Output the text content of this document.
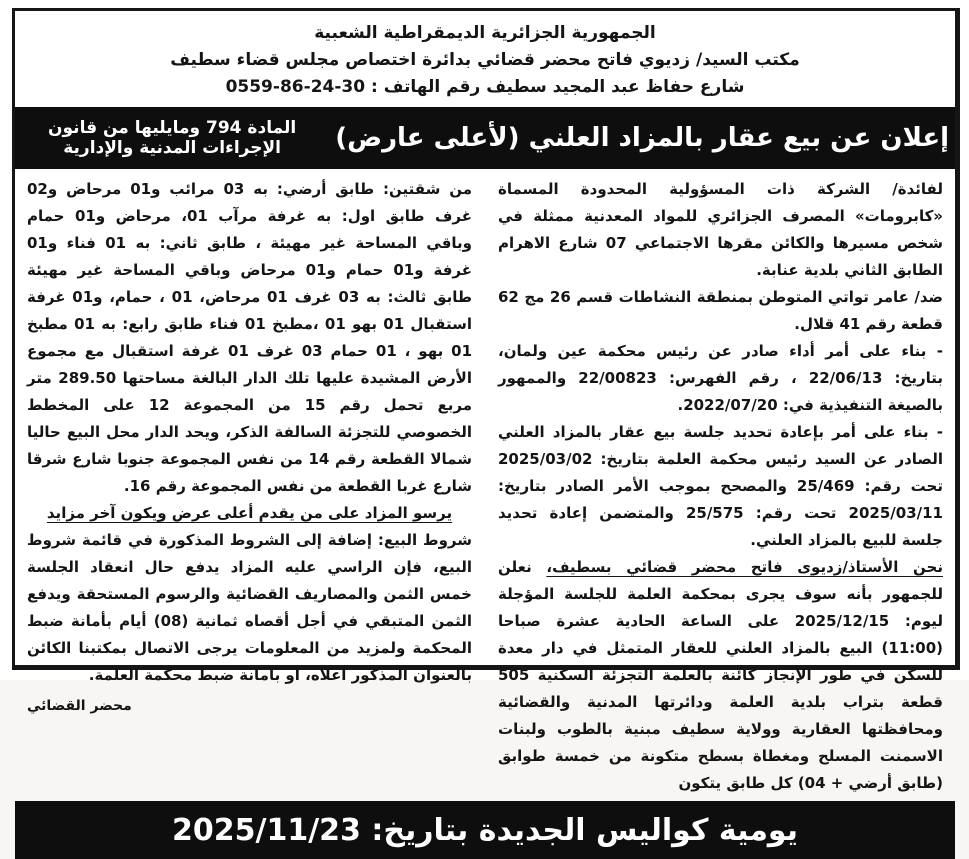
الجمهورية الجزائرية الديمقراطية الشعبية
مكتب السيد/ زديوي فاتح محضر قضائي بدائرة اختصاص مجلس قضاء سطيف
شارع حفاظ عبد المجيد سطيف رقم الهاتف : 30-24-86-0559
إعلان عن بيع عقار بالمزاد العلني (لأعلى عارض)
المادة 794 ومايليها من قانون الإجراءات المدنية والإدارية

لفائدة/ الشركة ذات المسؤولية المحدودة المسماة «كابرومات» المصرف الجزائري للمواد المعدنية ممثلة في شخص مسيرها والكائن مقرها الاجتماعي 07 شارع الاهرام الطابق الثاني بلدية عنابة.

ضد/ عامر تواتي المتوطن بمنطقة النشاطات قسم 26 مج 62 قطعة رقم 41 قلال.

- بناء على أمر أداء صادر عن رئيس محكمة عين ولمان، بتاريخ: 22/06/13 ، رقم الفهرس: 22/00823 والممهور بالصيغة التنفيذية في: 2022/07/20.

- بناء على أمر بإعادة تحديد جلسة بيع عقار بالمزاد العلني الصادر عن السيد رئيس محكمة العلمة بتاريخ: 2025/03/02 تحت رقم: 25/469 والمصحح بموجب الأمر الصادر بتاريخ: 2025/03/11 تحت رقم: 25/575 والمتضمن إعادة تحديد جلسة للبيع بالمزاد العلني.

نحن الأستاذ/زديوى فاتح محضر قضائي بسطيف، نعلن للجمهور بأنه سوف يجرى بمحكمة العلمة للجلسة المؤجلة ليوم: 2025/12/15 على الساعة الحادية عشرة صباحا (11:00) البيع بالمزاد العلني للعقار المتمثل في دار معدة للسكن في طور الإنجاز كائنة بالعلمة التجزئة السكنية 505 قطعة بتراب بلدية العلمة ودائرتها المدنية والقضائية ومحافظتها العقارية وولاية سطيف مبنية بالطوب ولبنات الاسمنت المسلح ومغطاة بسطح متكونة من خمسة طوابق (طابق أرضي + 04) كل طابق يتكون

من شقتين: طابق أرضي: به 03 مرائب و01 مرحاض و02 غرف طابق اول: به غرفة مرآب 01، مرحاض و01 حمام وباقي المساحة غير مهيئة ، طابق ثاني: به 01 فناء و01 غرفة و01 حمام و01 مرحاض وباقي المساحة غير مهيئة طابق ثالث: به 03 غرف 01 مرحاض، 01 ، حمام، و01 غرفة استقبال 01 بهو 01 ،مطبخ 01 فناء طابق رابع: به 01 مطبخ 01 بهو ، 01 حمام 03 غرف 01 غرفة استقبال مع مجموع الأرض المشيدة عليها تلك الدار البالغة مساحتها 289.50 متر مربع تحمل رقم 15 من المجموعة 12 على المخطط الخصوصي للتجزئة السالفة الذكر، ويحد الدار محل البيع حاليا شمالا القطعة رقم 14 من نفس المجموعة جنوبا شارع شرقا شارع غربا القطعة من نفس المجموعة رقم 16.

يرسو المزاد على من يقدم أعلى عرض ويكون آخر مزايد

شروط البيع: إضافة إلى الشروط المذكورة في قائمة شروط البيع، فإن الراسي عليه المزاد يدفع حال انعقاد الجلسة خمس الثمن والمصاريف القضائية والرسوم المستحقة ويدفع الثمن المتبقي في أجل أقصاه ثمانية (08) أيام بأمانة ضبط المحكمة ولمزيد من المعلومات يرجى الاتصال بمكتبنا الكائن بالعنوان المذكور أعلاه، أو بأمانة ضبط محكمة العلمة.

محضر القضائي
يومية كواليس الجديدة بتاريخ: 2025/11/23
